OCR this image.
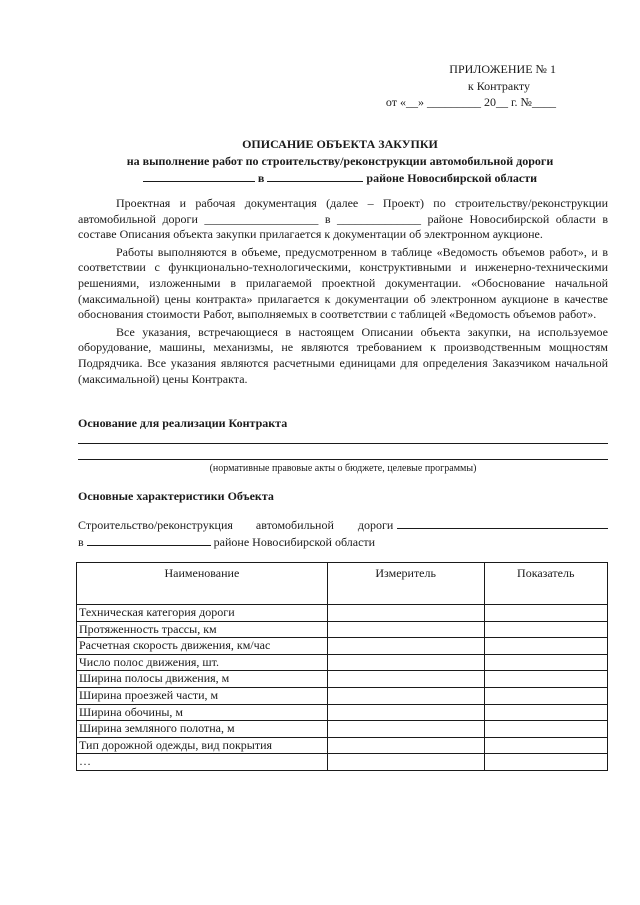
ПРИЛОЖЕНИЕ № 1
к Контракту
от «__» _________ 20__ г. №____
ОПИСАНИЕ ОБЪЕКТА ЗАКУПКИ
на выполнение работ по строительству/реконструкции автомобильной дороги
в	районе Новосибирской области

Проектная и рабочая документация (далее – Проект) по строительству/реконструкции автомобильной дороги ___________________ в ______________ районе Новосибирской области в составе Описания объекта закупки прилагается к документации об электронном аукционе.

Работы выполняются в объеме, предусмотренном в таблице «Ведомость объемов работ», и в соответствии с функционально-технологическими, конструктивными и инженерно-техническими решениями, изложенными в прилагаемой проектной документации. «Обоснование начальной (максимальной) цены контракта» прилагается к документации об электронном аукционе в качестве обоснования стоимости Работ, выполняемых в соответствии с таблицей «Ведомость объемов работ».

Все указания, встречающиеся в настоящем Описании объекта закупки, на используемое оборудование, машины, механизмы, не являются требованием к производственным мощностям Подрядчика. Все указания являются расчетными единицами для определения Заказчиком начальной (максимальной) цены Контракта.

Основание для реализации Контракта
(нормативные правовые акты о бюджете, целевые программы)
Основные характеристики Объекта
Строительство/реконструкция автомобильной дороги
в	районе Новосибирской области
Наименование	Измеритель	Показатель
Техническая категория дороги		
Протяженность трассы, км		
Расчетная скорость движения, км/час		
Число полос движения, шт.		
Ширина полосы движения, м		
Ширина проезжей части, м		
Ширина обочины, м		
Ширина земляного полотна, м		
Тип дорожной одежды, вид покрытия		
…		
